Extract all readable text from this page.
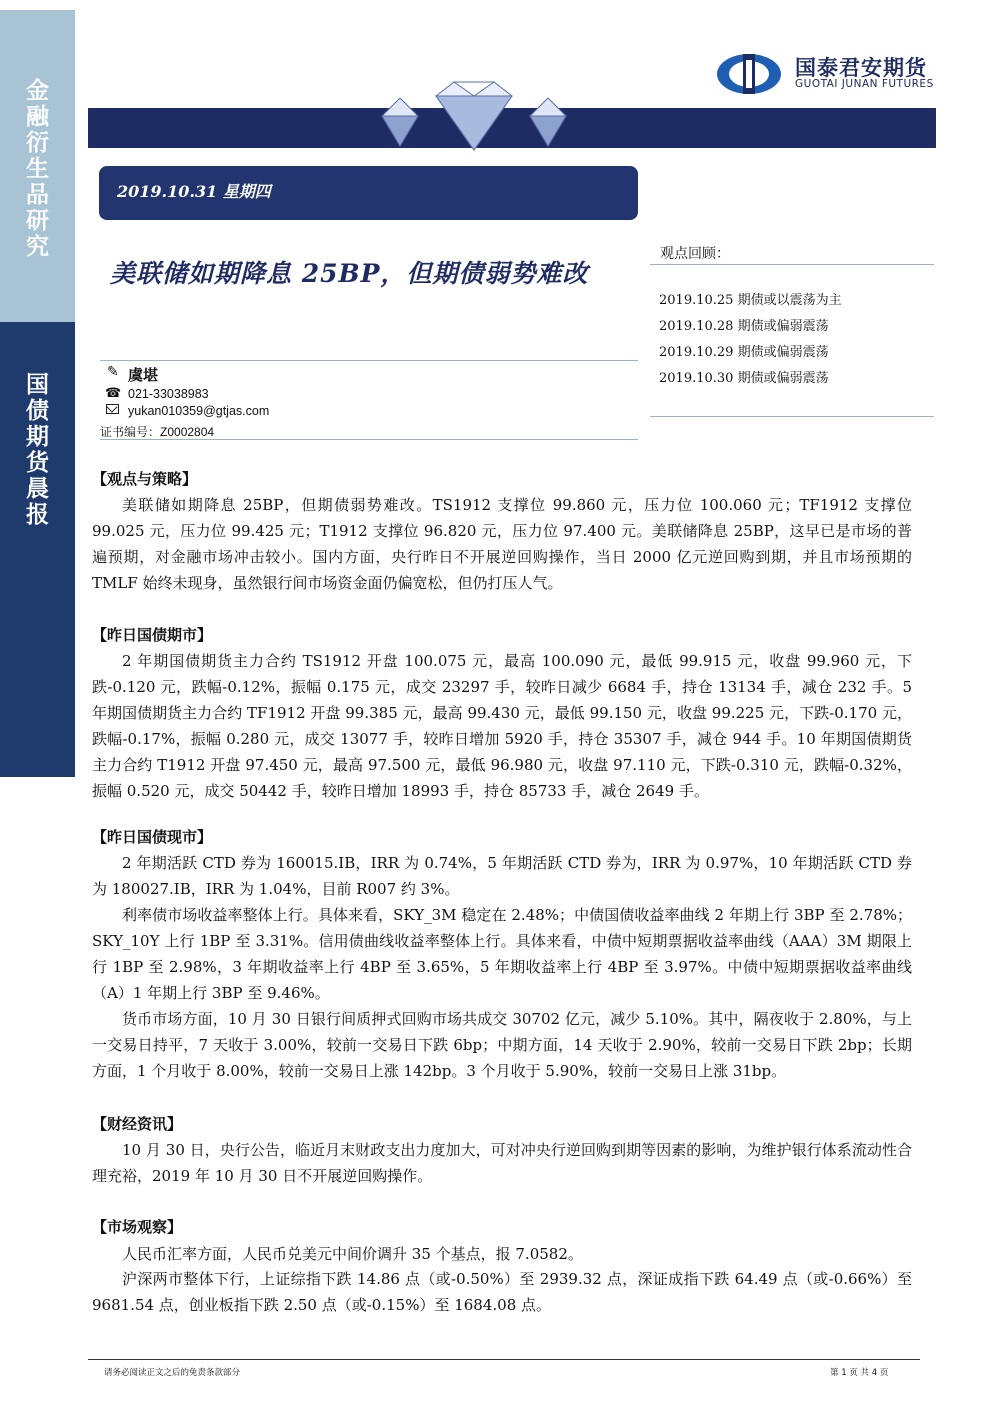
金
融
衍
生
品
研
究
国
债
期
货
晨
报
国泰君安期货
GUOTAI JUNAN FUTURES
2019.10.31 星期四
美联储如期降息 25BP，但期债弱势难改
✎ 虞堪
☎ 021-33038983
yukan010359@gtjas.com
证书编号：Z0002804
观点回顾：
2019.10.25 期债或以震荡为主
2019.10.28 期债或偏弱震荡
2019.10.29 期债或偏弱震荡
2019.10.30 期债或偏弱震荡
【观点与策略】
美联储如期降息 25BP，但期债弱势难改。TS1912 支撑位 99.860 元，压力位 100.060 元；TF1912 支撑位 99.025 元，压力位 99.425 元；T1912 支撑位 96.820 元，压力位 97.400 元。美联储降息 25BP，这早已是市场的普遍预期，对金融市场冲击较小。国内方面，央行昨日不开展逆回购操作，当日 2000 亿元逆回购到期，并且市场预期的 TMLF 始终未现身，虽然银行间市场资金面仍偏宽松，但仍打压人气。
【昨日国债期市】
2 年期国债期货主力合约 TS1912 开盘 100.075 元，最高 100.090 元，最低 99.915 元，收盘 99.960 元，下跌-0.120 元，跌幅-0.12%，振幅 0.175 元，成交 23297 手，较昨日减少 6684 手，持仓 13134 手，减仓 232 手。5 年期国债期货主力合约 TF1912 开盘 99.385 元，最高 99.430 元，最低 99.150 元，收盘 99.225 元，下跌-0.170 元，跌幅-0.17%，振幅 0.280 元，成交 13077 手，较昨日增加 5920 手，持仓 35307 手，减仓 944 手。10 年期国债期货主力合约 T1912 开盘 97.450 元，最高 97.500 元，最低 96.980 元，收盘 97.110 元，下跌-0.310 元，跌幅-0.32%，振幅 0.520 元，成交 50442 手，较昨日增加 18993 手，持仓 85733 手，减仓 2649 手。
【昨日国债现市】
2 年期活跃 CTD 券为 160015.IB，IRR 为 0.74%，5 年期活跃 CTD 券为，IRR 为 0.97%，10 年期活跃 CTD 券为 180027.IB，IRR 为 1.04%，目前 R007 约 3%。
利率债市场收益率整体上行。具体来看，SKY_3M 稳定在 2.48%；中债国债收益率曲线 2 年期上行 3BP 至 2.78%；SKY_10Y 上行 1BP 至 3.31%。信用债曲线收益率整体上行。具体来看，中债中短期票据收益率曲线（AAA）3M 期限上行 1BP 至 2.98%，3 年期收益率上行 4BP 至 3.65%，5 年期收益率上行 4BP 至 3.97%。中债中短期票据收益率曲线（A）1 年期上行 3BP 至 9.46%。
货币市场方面，10 月 30 日银行间质押式回购市场共成交 30702 亿元，减少 5.10%。其中，隔夜收于 2.80%，与上一交易日持平，7 天收于 3.00%，较前一交易日下跌 6bp；中期方面，14 天收于 2.90%，较前一交易日下跌 2bp；长期方面，1 个月收于 8.00%，较前一交易日上涨 142bp。3 个月收于 5.90%，较前一交易日上涨 31bp。
【财经资讯】
10 月 30 日，央行公告，临近月末财政支出力度加大，可对冲央行逆回购到期等因素的影响，为维护银行体系流动性合理充裕，2019 年 10 月 30 日不开展逆回购操作。
【市场观察】
人民币汇率方面，人民币兑美元中间价调升 35 个基点，报 7.0582。
沪深两市整体下行，上证综指下跌 14.86 点（或-0.50%）至 2939.32 点，深证成指下跌 64.49 点（或-0.66%）至 9681.54 点，创业板指下跌 2.50 点（或-0.15%）至 1684.08 点。
请务必阅读正文之后的免责条款部分	第 1 页 共 4 页
